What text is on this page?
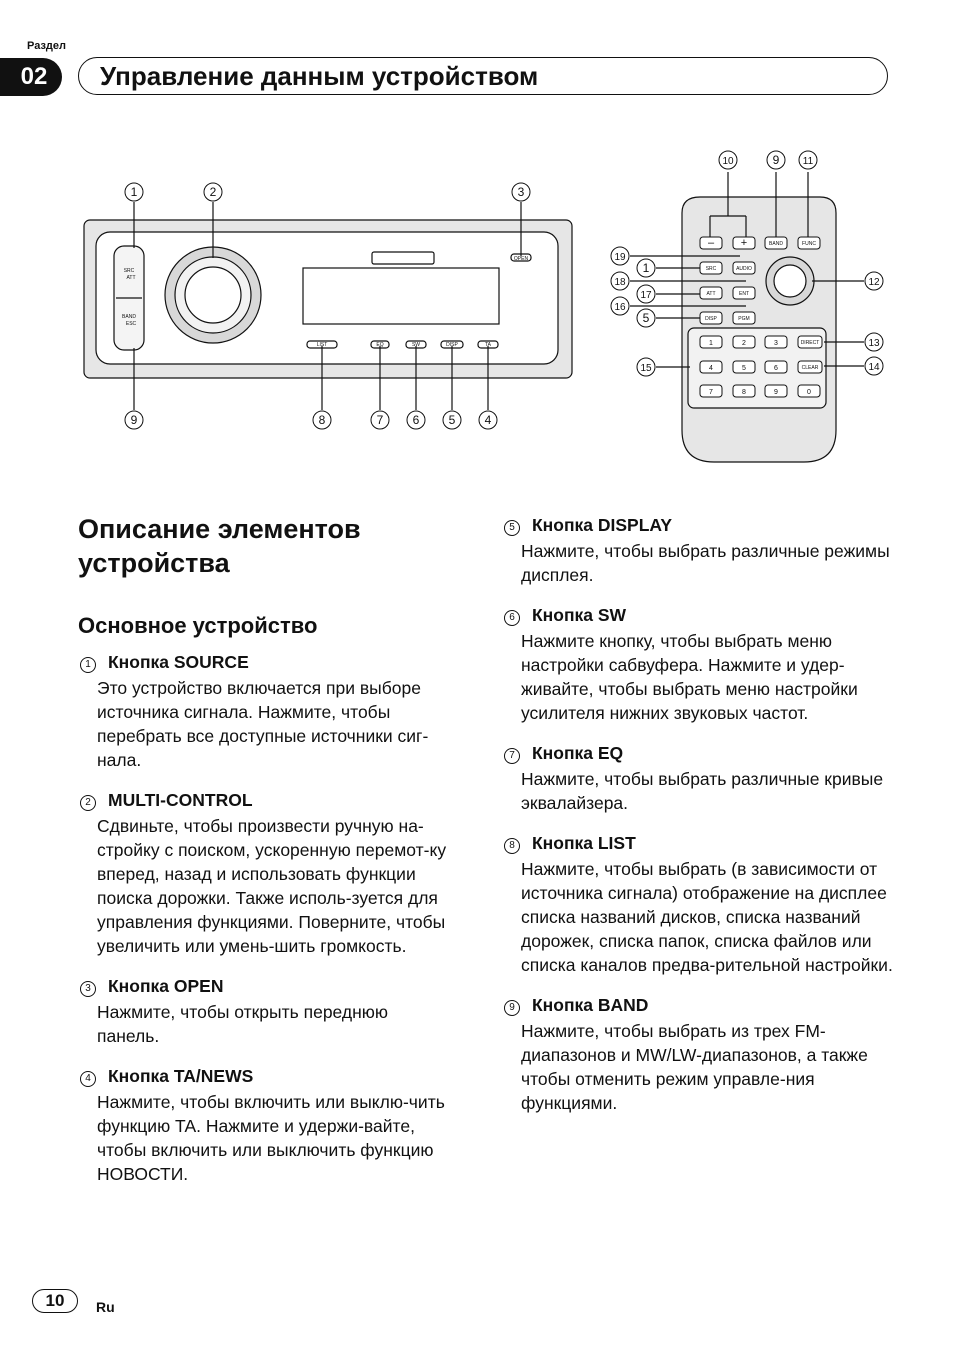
Раздел
02	Управление данным устройством
SRC
ATT
BAND
ESC
OPEN
LIST	EQ	SW	DISP	TA
1	2	3
9	8	7 6 5 4
– +	BAND	FUNC
SRC	AUDIO
ATT	ENT
DISP	PGM
DIRECT
CLEAR
1	2	3
4	5	6
7	8	9	0
10	9 11
19
1
18
17
16
5
15
12
13
14
Описание элементов устройства
Основное устройство
1 Кнопка SOURCE
Это устройство включается при выборе источника сигнала. Нажмите, чтобы перебрать все доступные источники сиг-нала.
2 MULTI-CONTROL
Сдвиньте, чтобы произвести ручную на-стройку с поиском, ускоренную перемот-ку вперед, назад и использовать функции поиска дорожки. Также исполь-зуется для управления функциями. Поверните, чтобы увеличить или умень-шить громкость.
3 Кнопка OPEN
Нажмите, чтобы открыть переднюю панель.
4 Кнопка TA/NEWS
Нажмите, чтобы включить или выклю-чить функцию TA. Нажмите и удержи-вайте, чтобы включить или выключить функцию НОВОСТИ.
5 Кнопка DISPLAY
Нажмите, чтобы выбрать различные режимы дисплея.
6 Кнопка SW
Нажмите кнопку, чтобы выбрать меню настройки сабвуфера. Нажмите и удер-живайте, чтобы выбрать меню настройки усилителя нижних звуковых частот.
7 Кнопка EQ
Нажмите, чтобы выбрать различные кривые эквалайзера.
8 Кнопка LIST
Нажмите, чтобы выбрать (в зависимости от источника сигнала) отображение на дисплее списка названий дисков, списка названий дорожек, списка папок, списка файлов или списка каналов предва-рительной настройки.
9 Кнопка BAND
Нажмите, чтобы выбрать из трех FM-диапазонов и MW/LW-диапазонов, а также чтобы отменить режим управле-ния функциями.
10	Ru
